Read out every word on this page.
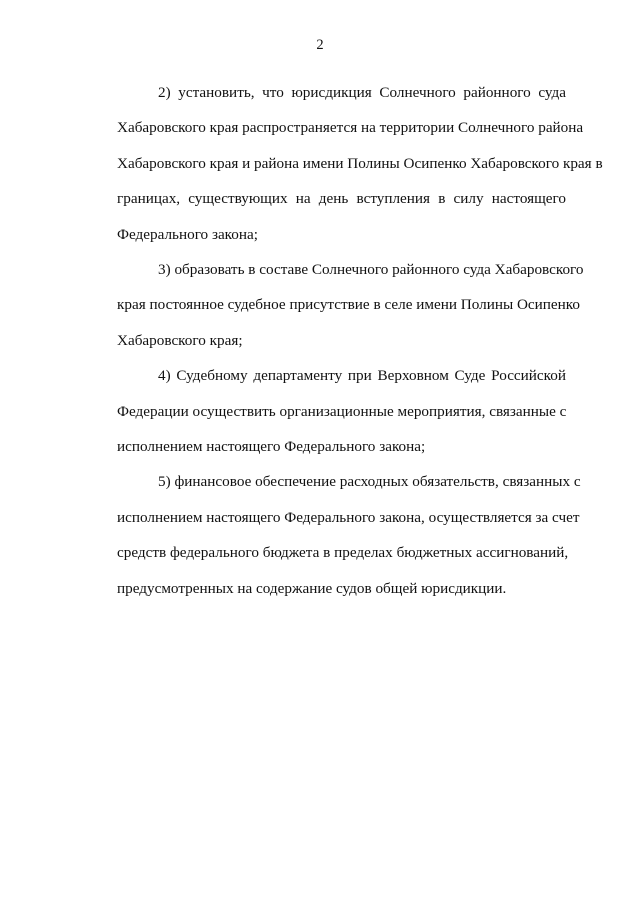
2
2) установить, что юрисдикция Солнечного районного суда
Хабаровского края распространяется на территории Солнечного района
Хабаровского края и района имени Полины Осипенко Хабаровского края в
границах, существующих на день вступления в силу настоящего
Федерального закона;
3) образовать в составе Солнечного районного суда Хабаровского
края постоянное судебное присутствие в селе имени Полины Осипенко
Хабаровского края;
4) Судебному департаменту при Верховном Суде Российской
Федерации осуществить организационные мероприятия, связанные с
исполнением настоящего Федерального закона;
5) финансовое обеспечение расходных обязательств, связанных с
исполнением настоящего Федерального закона, осуществляется за счет
средств федерального бюджета в пределах бюджетных ассигнований,
предусмотренных на содержание судов общей юрисдикции.
